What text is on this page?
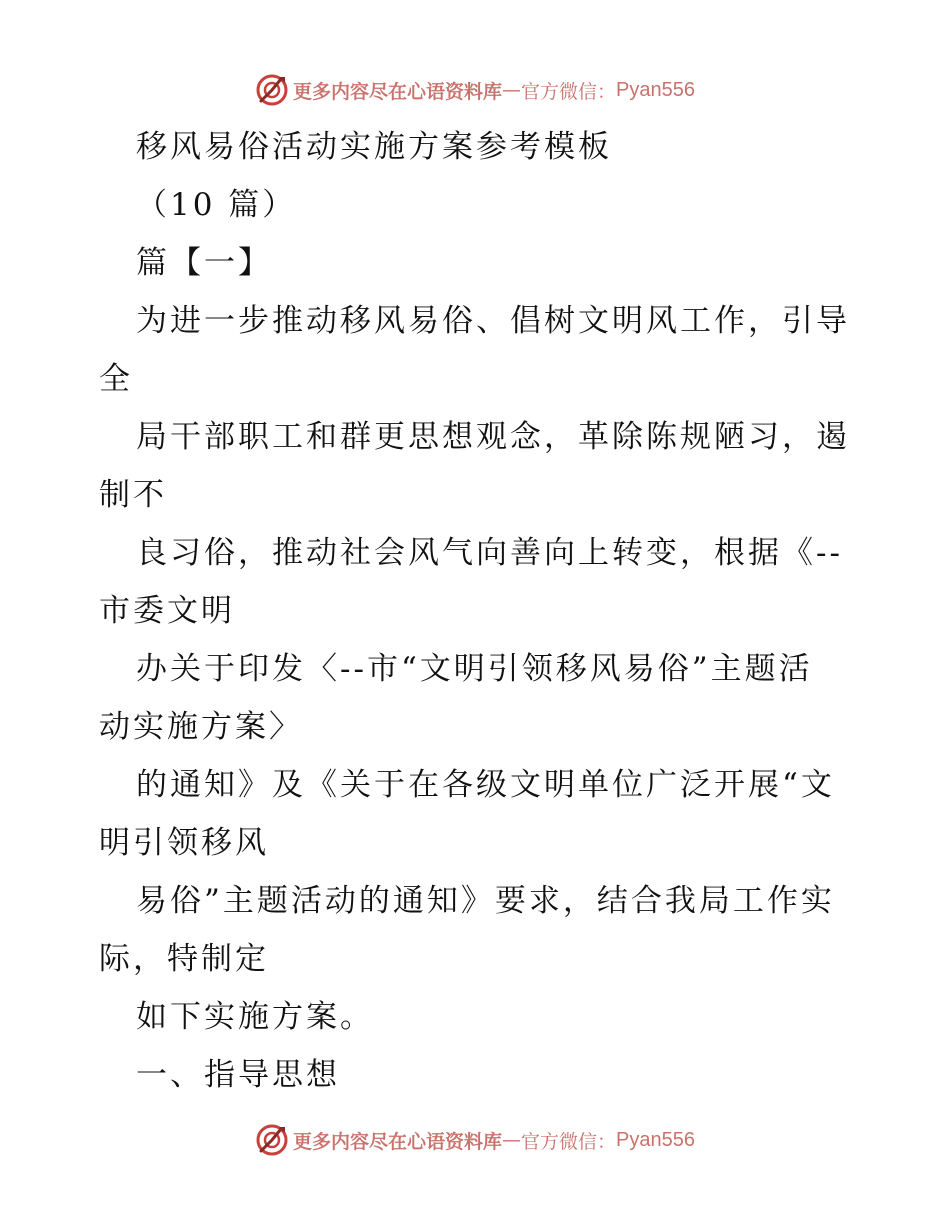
更多内容尽在心语资料库 — 官方微信： Pyan556
移风易俗活动实施方案参考模板
（10 篇）
篇【一】
为进一步推动移风易俗、倡树文明风工作，引导
全
局干部职工和群更思想观念，革除陈规陋习，遏
制不
良习俗，推动社会风气向善向上转变，根据《--
市委文明
办关于印发〈--市“文明引领移风易俗”主题活
动实施方案〉
的通知》及《关于在各级文明单位广泛开展“文
明引领移风
易俗”主题活动的通知》要求，结合我局工作实
际，特制定
如下实施方案。
一、指导思想
更多内容尽在心语资料库 — 官方微信： Pyan556
